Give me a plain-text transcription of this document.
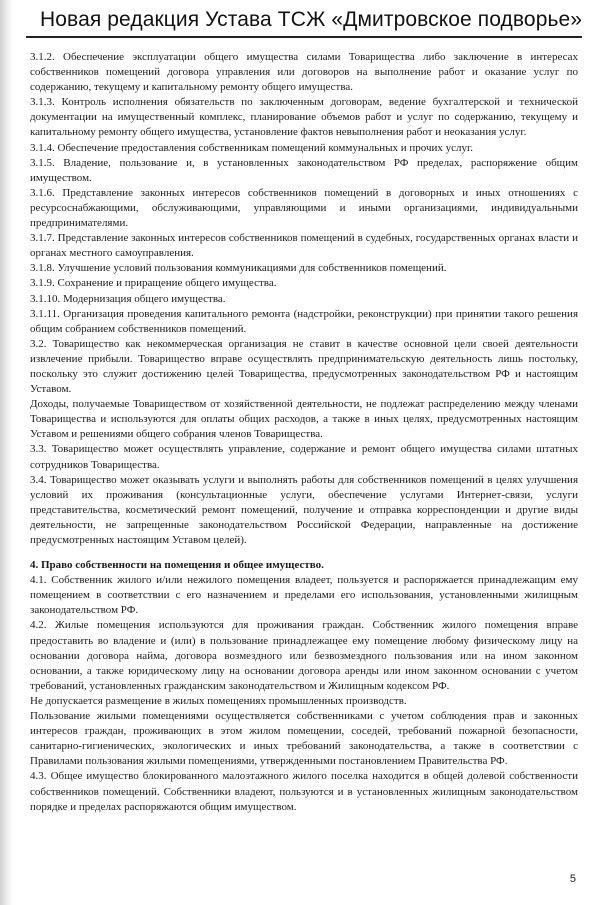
Новая редакция Устава ТСЖ «Дмитровское подворье»

3.1.2. Обеспечение эксплуатации общего имущества силами Товарищества либо заключение в интересах собственников помещений договора управления или договоров на выполнение работ и оказание услуг по содержанию, текущему и капитальному ремонту общего имущества.

3.1.3. Контроль исполнения обязательств по заключенным договорам, ведение бухгалтерской и технической документации на имущественный комплекс, планирование объемов работ и услуг по содержанию, текущему и капитальному ремонту общего имущества, установление фактов невыполнения работ и неоказания услуг.

3.1.4. Обеспечение предоставления собственникам помещений коммунальных и прочих услуг.

3.1.5. Владение, пользование и, в установленных законодательством РФ пределах, распоряжение общим имуществом.

3.1.6. Представление законных интересов собственников помещений в договорных и иных отношениях с ресурсоснабжающими, обслуживающими, управляющими и иными организациями, индивидуальными предпринимателями.

3.1.7. Представление законных интересов собственников помещений в судебных, государственных органах власти и органах местного самоуправления.

3.1.8. Улучшение условий пользования коммуникациями для собственников помещений.

3.1.9. Сохранение и приращение общего имущества.

3.1.10. Модернизация общего имущества.

3.1.11. Организация проведения капитального ремонта (надстройки, реконструкции) при принятии такого решения общим собранием собственников помещений.

3.2. Товарищество как некоммерческая организация не ставит в качестве основной цели своей деятельности извлечение прибыли. Товарищество вправе осуществлять предпринимательскую деятельность лишь постольку, поскольку это служит достижению целей Товарищества, предусмотренных законодательством РФ и настоящим Уставом.

Доходы, получаемые Товариществом от хозяйственной деятельности, не подлежат распределению между членами Товарищества и используются для оплаты общих расходов, а также в иных целях, предусмотренных настоящим Уставом и решениями общего собрания членов Товарищества.

3.3. Товарищество может осуществлять управление, содержание и ремонт общего имущества силами штатных сотрудников Товарищества.

3.4. Товарищество может оказывать услуги и выполнять работы для собственников помещений в целях улучшения условий их проживания (консультационные услуги, обеспечение услугами Интернет-связи, услуги представительства, косметический ремонт помещений, получение и отправка корреспонденции и другие виды деятельности, не запрещенные законодательством Российской Федерации, направленные на достижение предусмотренных настоящим Уставом целей).

4. Право собственности на помещения и общее имущество.

4.1. Собственник жилого и/или нежилого помещения владеет, пользуется и распоряжается принадлежащим ему помещением в соответствии с его назначением и пределами его использования, установленными жилищным законодательством РФ.

4.2. Жилые помещения используются для проживания граждан. Собственник жилого помещения вправе предоставить во владение и (или) в пользование принадлежащее ему помещение любому физическому лицу на основании договора найма, договора возмездного или безвозмездного пользования или на ином законном основании, а также юридическому лицу на основании договора аренды или ином законном основании с учетом требований, установленных гражданским законодательством и Жилищным кодексом РФ.

Не допускается размещение в жилых помещениях промышленных производств.

Пользование жилыми помещениями осуществляется собственниками с учетом соблюдения прав и законных интересов граждан, проживающих в этом жилом помещении, соседей, требований пожарной безопасности, санитарно-гигиенических, экологических и иных требований законодательства, а также в соответствии с Правилами пользования жилыми помещениями, утвержденными постановлением Правительства РФ.

4.3. Общее имущество блокированного малоэтажного жилого поселка находится в общей долевой собственности собственников помещений. Собственники владеют, пользуются и в установленных жилищным законодательством порядке и пределах распоряжаются общим имуществом.

5
